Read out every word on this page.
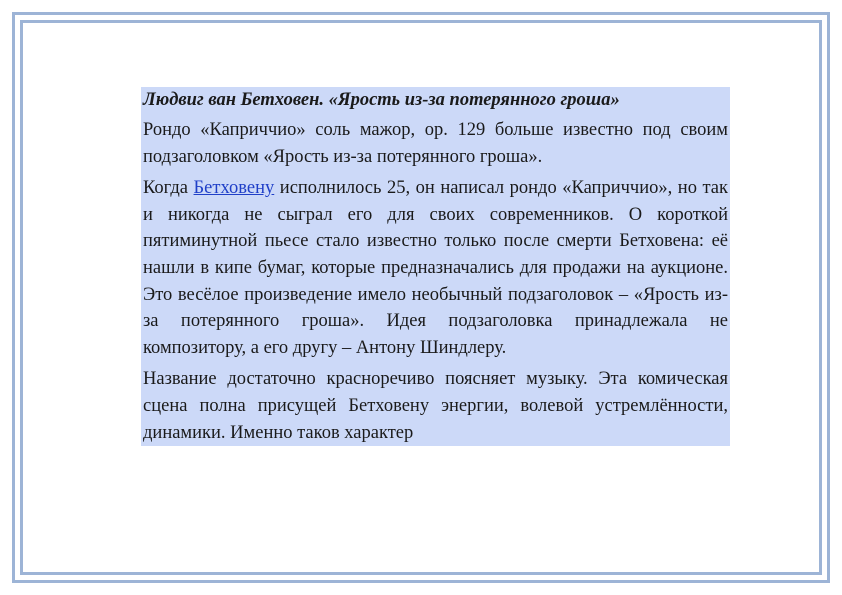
Людвиг ван Бетховен. «Ярость из-за потерянного гроша»

Рондо «Каприччио» соль мажор, ор. 129 больше известно под своим подзаголовком «Ярость из-за потерянного гроша».

Когда Бетховену исполнилось 25, он написал рондо «Каприччио», но так и никогда не сыграл его для своих современников. О короткой пятиминутной пьесе стало известно только после смерти Бетховена: её нашли в кипе бумаг, которые предназначались для продажи на аукционе. Это весёлое произведение имело необычный подзаголовок – «Ярость из-за потерянного гроша». Идея подзаголовка принадлежала не композитору, а его другу – Антону Шиндлеру.

Название достаточно красноречиво поясняет музыку. Эта комическая сцена полна присущей Бетховену энергии, волевой устремлённости, динамики. Именно таков характер
